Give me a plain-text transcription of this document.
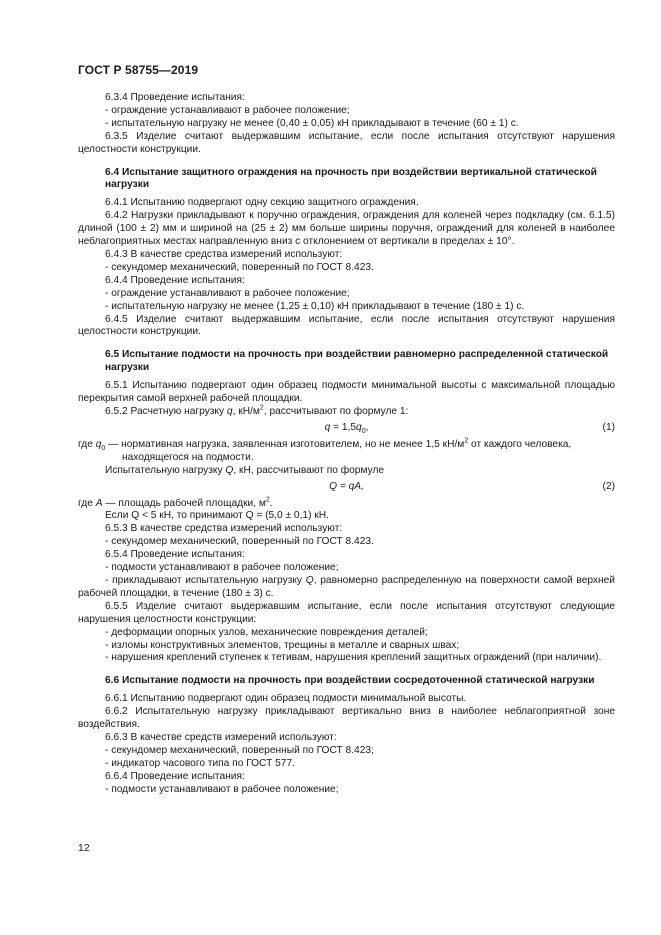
ГОСТ Р 58755—2019

6.3.4 Проведение испытания:

- ограждение устанавливают в рабочее положение;

- испытательную нагрузку не менее (0,40 ± 0,05) кН прикладывают в течение (60 ± 1) с.

6.3.5 Изделие считают выдержавшим испытание, если после испытания отсутствуют нарушения целостности конструкции.

6.4 Испытание защитного ограждения на прочность при воздействии вертикальной статической нагрузки

6.4.1 Испытанию подвергают одну секцию защитного ограждения.

6.4.2 Нагрузки прикладывают к поручню ограждения, ограждения для коленей через подкладку (см. 6.1.5) длиной (100 ± 2) мм и шириной на (25 ± 2) мм больше ширины поручня, ограждений для коленей в наиболее неблагоприятных местах направленную вниз с отклонением от вертикали в пределах ± 10°.

6.4.3 В качестве средства измерений используют:

- секундомер механический, поверенный по ГОСТ 8.423.

6.4.4 Проведение испытания:

- ограждение устанавливают в рабочее положение;

- испытательную нагрузку не менее (1,25 ± 0,10) кН прикладывают в течение (180 ± 1) с.

6.4.5 Изделие считают выдержавшим испытание, если после испытания отсутствуют нарушения целостности конструкции.

6.5 Испытание подмости на прочность при воздействии равномерно распределенной статической нагрузки

6.5.1 Испытанию подвергают один образец подмости минимальной высоты с максимальной площадью перекрытия самой верхней рабочей площадки.

6.5.2 Расчетную нагрузку q, $кН/м^2$, рассчитывают по формуле 1:

$q = 1,5q_0$,	(1)
где $q_0$ — нормативная нагрузка, заявленная изготовителем, но не менее 1,5 $кН/м^2$ от каждого человека,
находящегося на подмости.

Испытательную нагрузку Q, кН, рассчитывают по формуле

Q = qA,	(2)
где A — площадь рабочей площадки, $м^2$.

Если Q < 5 кН, то принимают Q = (5,0 ± 0,1) кН.

6.5.3 В качестве средства измерений используют:

- секундомер механический, поверенный по ГОСТ 8.423.

6.5.4 Проведение испытания:

- подмости устанавливают в рабочее положение;

- прикладывают испытательную нагрузку Q, равномерно распределенную на поверхности самой верхней рабочей площадки, в течение (180 ± 3) с.

6.5.5 Изделие считают выдержавшим испытание, если после испытания отсутствуют следующие нарушения целостности конструкции:

- деформации опорных узлов, механические повреждения деталей;

- изломы конструктивных элементов, трещины в металле и сварных швах;

- нарушения креплений ступенек к тетивам, нарушения креплений защитных ограждений (при наличии).

6.6 Испытание подмости на прочность при воздействии сосредоточенной статической нагрузки

6.6.1 Испытанию подвергают один образец подмости минимальной высоты.

6.6.2 Испытательную нагрузку прикладывают вертикально вниз в наиболее неблагоприятной зоне воздействия.

6.6.3 В качестве средств измерений используют:

- секундомер механический, поверенный по ГОСТ 8.423;

- индикатор часового типа по ГОСТ 577.

6.6.4 Проведение испытания:

- подмости устанавливают в рабочее положение;

12
